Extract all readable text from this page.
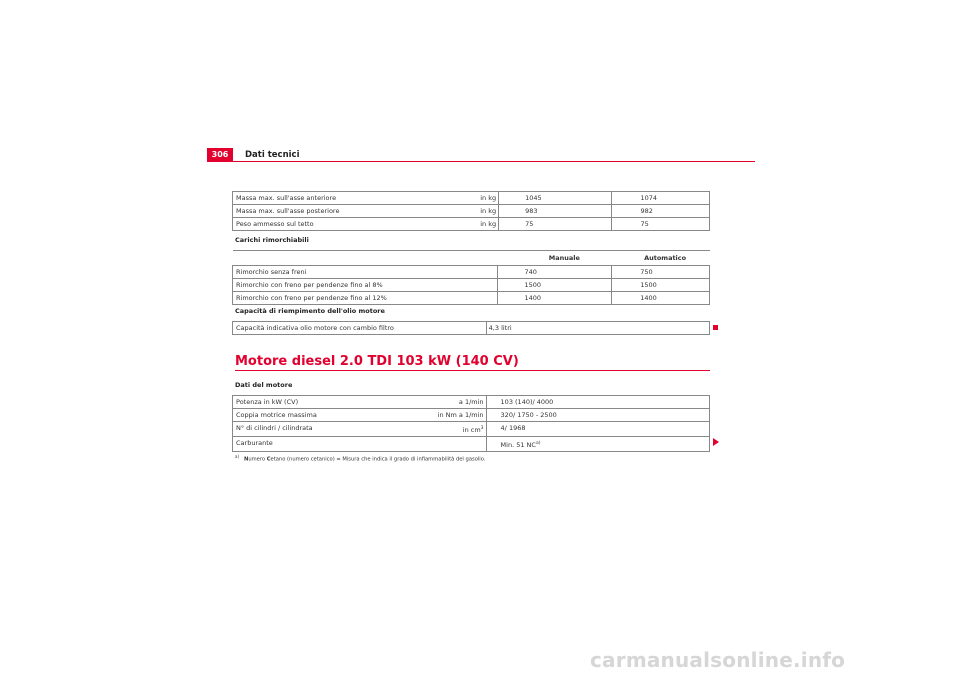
306	Dati tecnici
Massa max. sull'asse anteriore	in kg	1045	1074
Massa max. sull'asse posteriore	in kg	983	982
Peso ammesso sul tetto	in kg	75	75
Carichi rimorchiabili
	Manuale	Automatico
Rimorchio senza freni	740	750
Rimorchio con freno per pendenze fino al 8%	1500	1500
Rimorchio con freno per pendenze fino al 12%	1400	1400
Capacità di riempimento dell'olio motore
Capacità indicativa olio motore con cambio filtro	4,3 litri
Motore diesel 2.0 TDI 103 kW (140 CV)
Dati del motore
Potenza in kW (CV)	a 1/min	103 (140)/ 4000
Coppia motrice massima	in Nm a 1/min	320/ 1750 - 2500
N° di cilindri / cilindrata	in $cm^3$	4/ 1968
Carburante		Min. 51 NC$^{a)}$
$^{a)}$   Numero Cetano (numero cetanico) = Misura che indica il grado di infiammabilità del gasolio.
carmanualsonline.info
